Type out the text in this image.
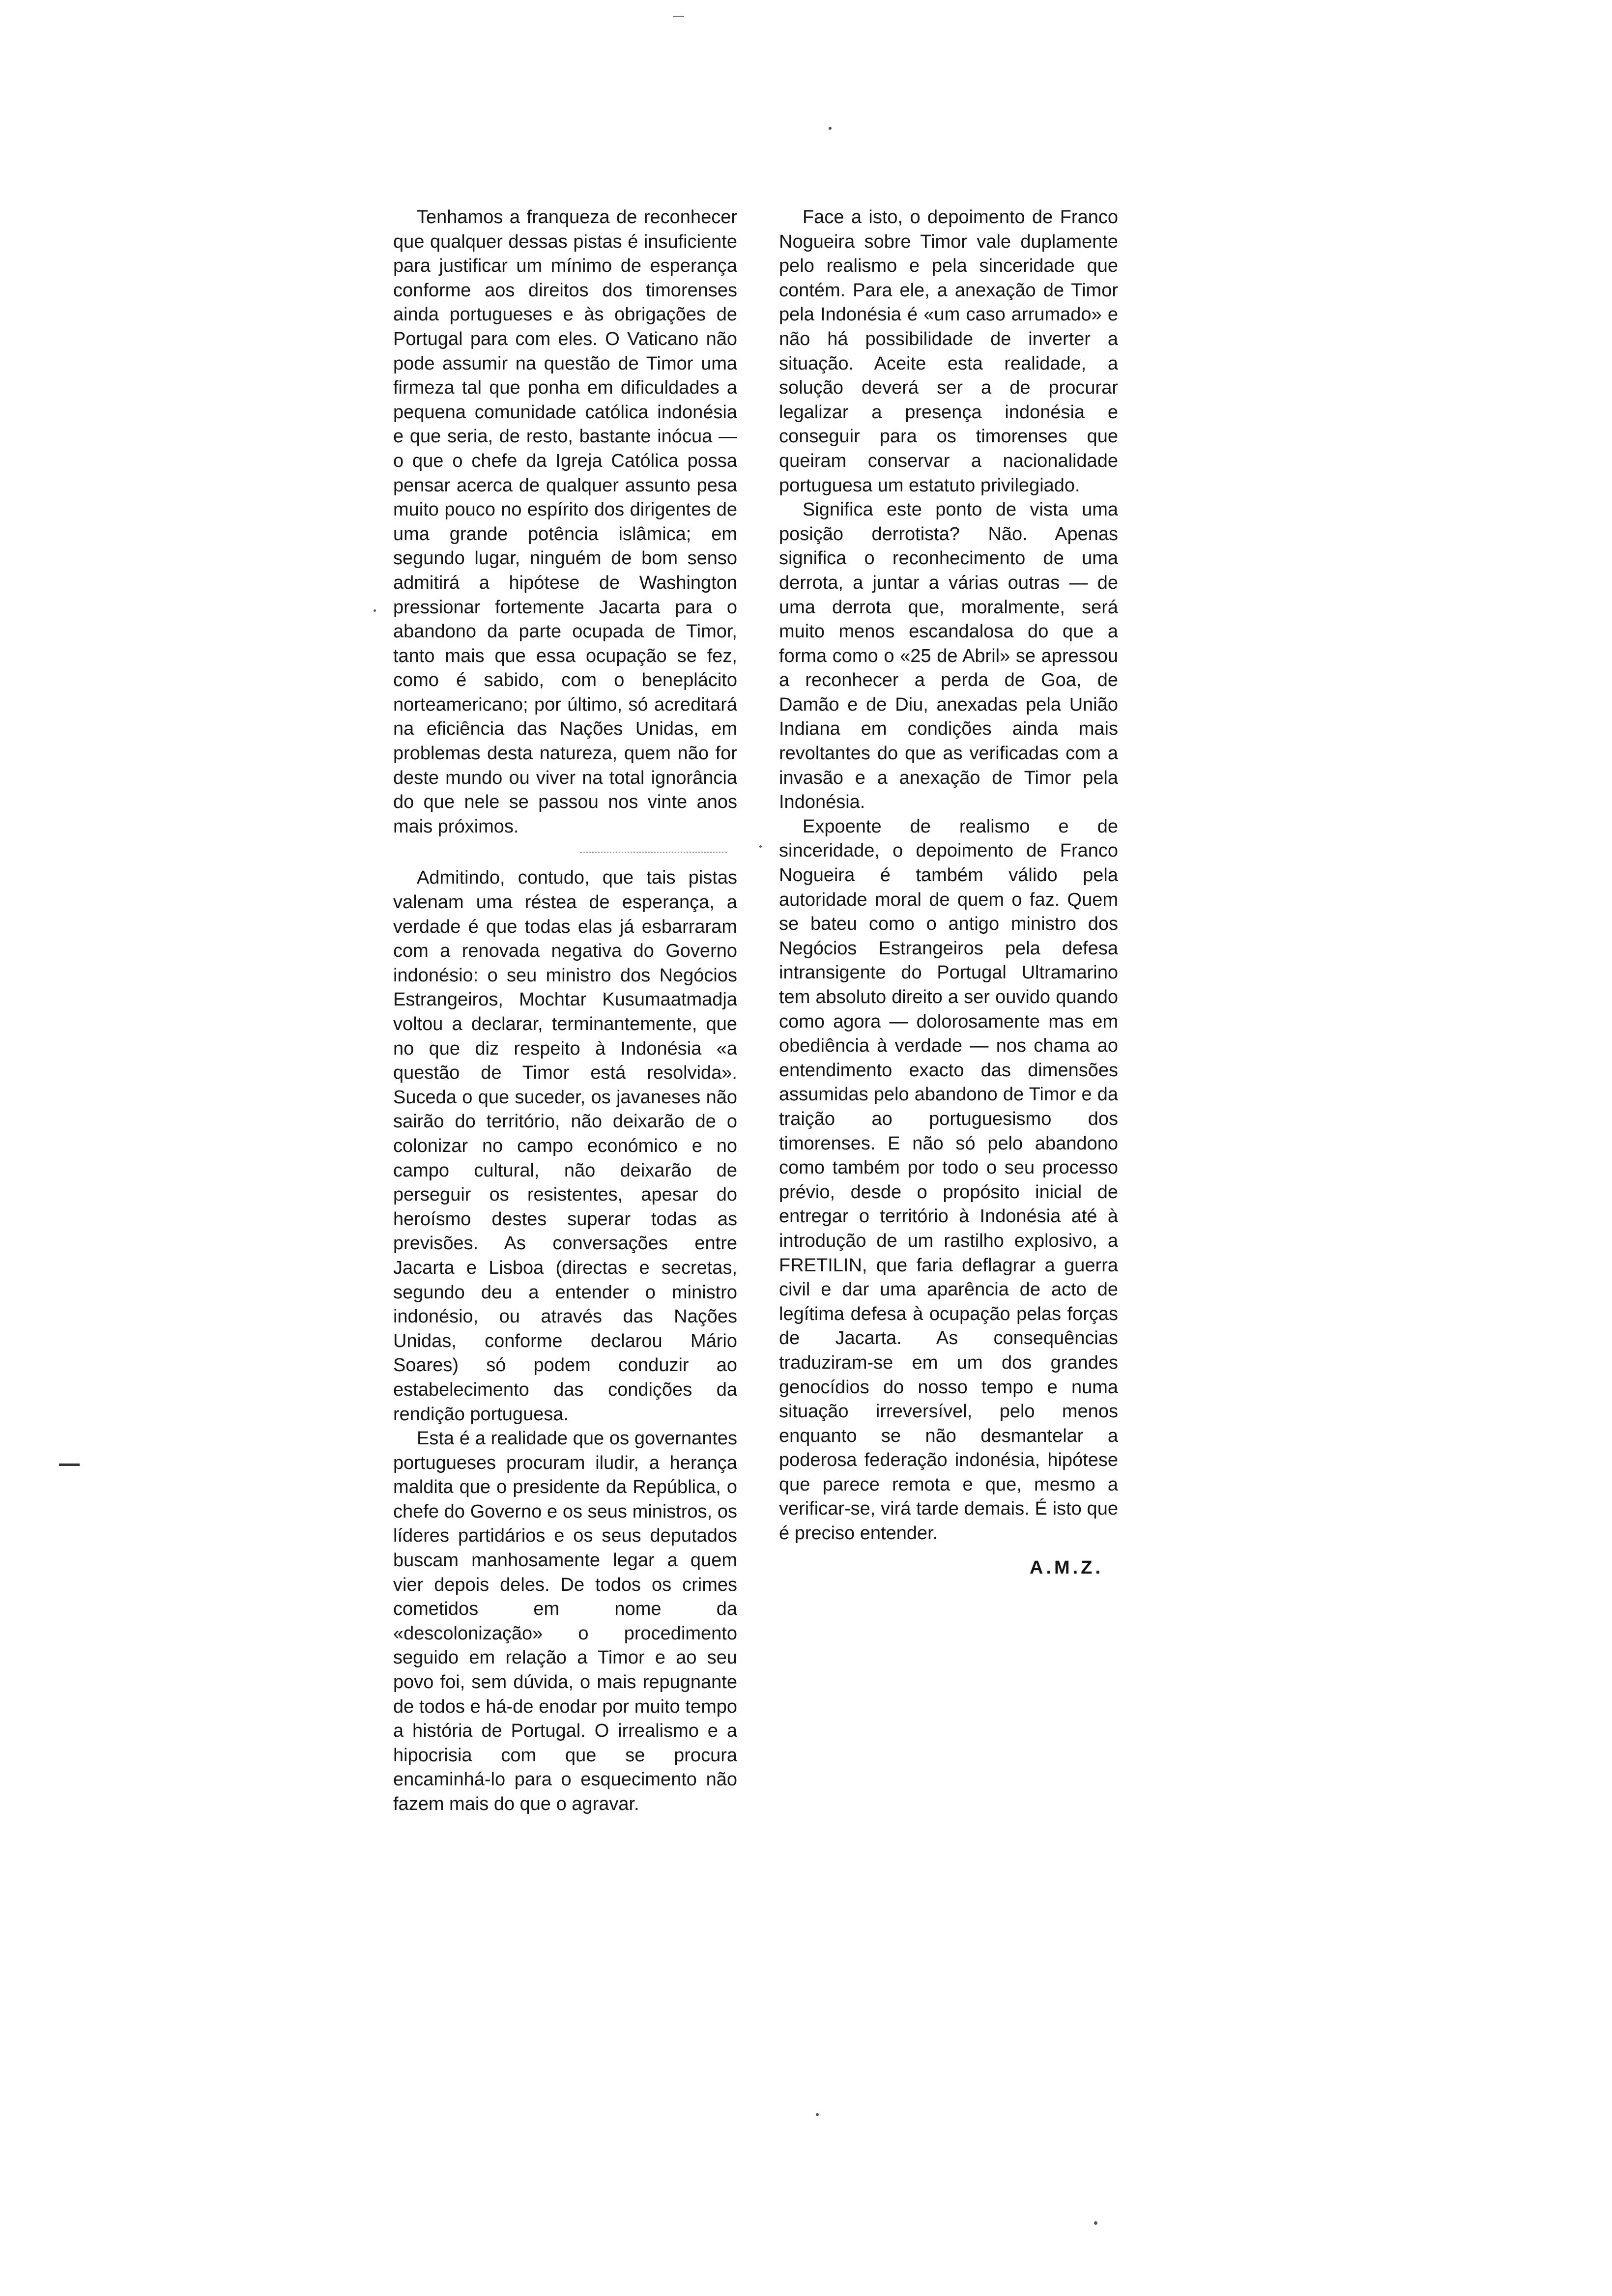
Tenhamos a franqueza de reconhecer que qualquer dessas pistas é insuficiente para justificar um mínimo de esperança conforme aos direitos dos timorenses ainda portugueses e às obrigações de Portugal para com eles. O Vaticano não pode assumir na questão de Timor uma firmeza tal que ponha em dificuldades a pequena comunidade católica indonésia e que seria, de resto, bastante inócua — o que o chefe da Igreja Católica possa pensar acerca de qualquer assunto pesa muito pouco no espírito dos dirigentes de uma grande potência islâmica; em segundo lugar, ninguém de bom senso admitirá a hipótese de Washington pressionar fortemente Jacarta para o abandono da parte ocupada de Timor, tanto mais que essa ocupação se fez, como é sabido, com o beneplácito norteamericano; por último, só acreditará na eficiência das Nações Unidas, em problemas desta natureza, quem não for deste mundo ou viver na total ignorância do que nele se passou nos vinte anos mais próximos.

Admitindo, contudo, que tais pistas valenam uma réstea de esperança, a verdade é que todas elas já esbarraram com a renovada negativa do Governo indonésio: o seu ministro dos Negócios Estrangeiros, Mochtar Kusumaatmadja voltou a declarar, terminantemente, que no que diz respeito à Indonésia «a questão de Timor está resolvida». Suceda o que suceder, os javaneses não sairão do território, não deixarão de o colonizar no campo económico e no campo cultural, não deixarão de perseguir os resistentes, apesar do heroísmo destes superar todas as previsões. As conversações entre Jacarta e Lisboa (directas e secretas, segundo deu a entender o ministro indonésio, ou através das Nações Unidas, conforme declarou Mário Soares) só podem conduzir ao estabelecimento das condições da rendição portuguesa.

Esta é a realidade que os governantes portugueses procuram iludir, a herança maldita que o presidente da República, o chefe do Governo e os seus ministros, os líderes partidários e os seus deputados buscam manhosamente legar a quem vier depois deles. De todos os crimes cometidos em nome da «descolonização» o procedimento seguido em relação a Timor e ao seu povo foi, sem dúvida, o mais repugnante de todos e há-de enodar por muito tempo a história de Portugal. O irrealismo e a hipocrisia com que se procura encaminhá-lo para o esquecimento não fazem mais do que o agravar.

Face a isto, o depoimento de Franco Nogueira sobre Timor vale duplamente pelo realismo e pela sinceridade que contém. Para ele, a anexação de Timor pela Indonésia é «um caso arrumado» e não há possibilidade de inverter a situação. Aceite esta realidade, a solução deverá ser a de procurar legalizar a presença indonésia e conseguir para os timorenses que queiram conservar a nacionalidade portuguesa um estatuto privilegiado.

Significa este ponto de vista uma posição derrotista? Não. Apenas significa o reconhecimento de uma derrota, a juntar a várias outras — de uma derrota que, moralmente, será muito menos escandalosa do que a forma como o «25 de Abril» se apressou a reconhecer a perda de Goa, de Damão e de Diu, anexadas pela União Indiana em condições ainda mais revoltantes do que as verificadas com a invasão e a anexação de Timor pela Indonésia.

Expoente de realismo e de sinceridade, o depoimento de Franco Nogueira é também válido pela autoridade moral de quem o faz. Quem se bateu como o antigo ministro dos Negócios Estrangeiros pela defesa intransigente do Portugal Ultramarino tem absoluto direito a ser ouvido quando como agora — dolorosamente mas em obediência à verdade — nos chama ao entendimento exacto das dimensões assumidas pelo abandono de Timor e da traição ao portuguesismo dos timorenses. E não só pelo abandono como também por todo o seu processo prévio, desde o propósito inicial de entregar o território à Indonésia até à introdução de um rastilho explosivo, a FRETILIN, que faria deflagrar a guerra civil e dar uma aparência de acto de legítima defesa à ocupação pelas forças de Jacarta. As consequências traduziram-se em um dos grandes genocídios do nosso tempo e numa situação irreversível, pelo menos enquanto se não desmantelar a poderosa federação indonésia, hipótese que parece remota e que, mesmo a verificar-se, virá tarde demais. É isto que é preciso entender.

A.M.Z.
